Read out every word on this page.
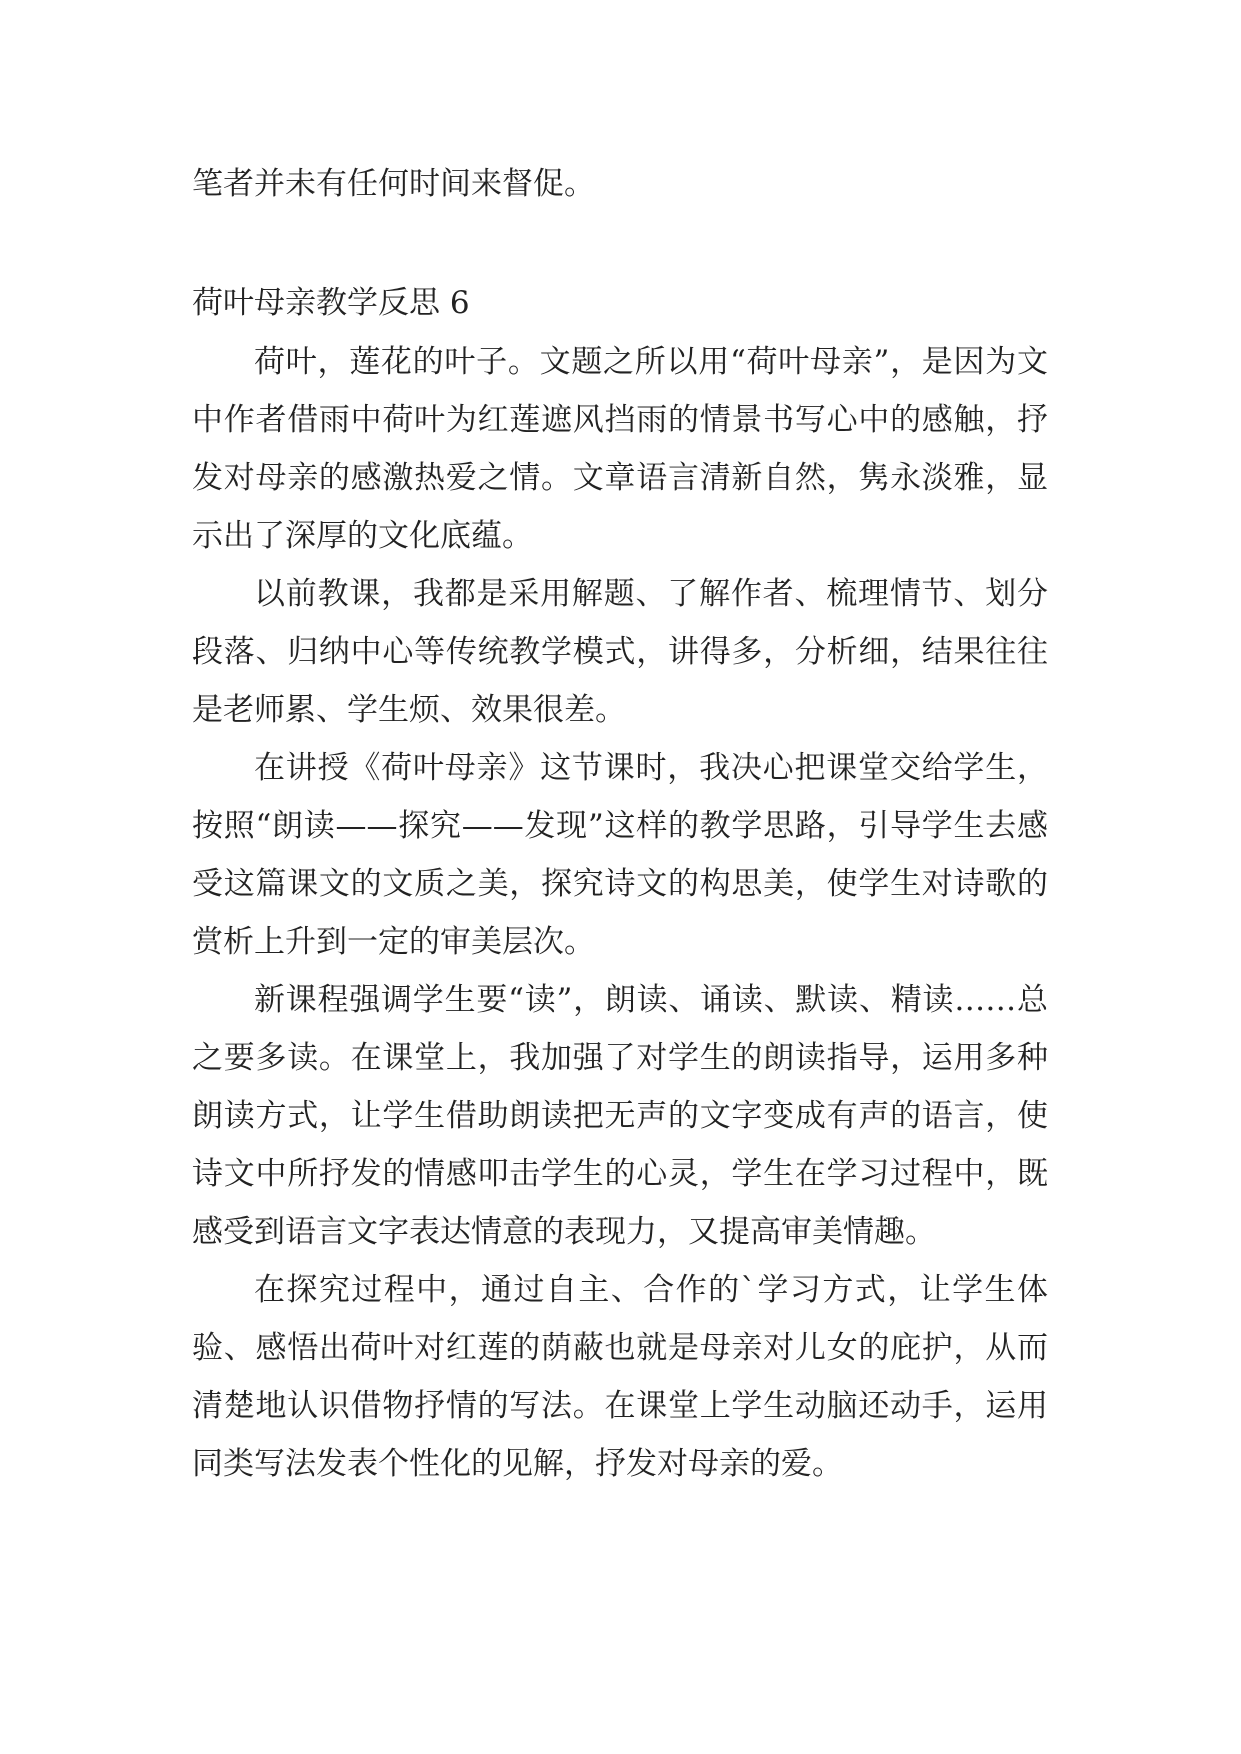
笔者并未有任何时间来督促。
荷叶母亲教学反思 6

荷叶，莲花的叶子。文题之所以用“荷叶母亲”，是因为文中作者借雨中荷叶为红莲遮风挡雨的情景书写心中的感触，抒发对母亲的感激热爱之情。文章语言清新自然，隽永淡雅，显示出了深厚的文化底蕴。

以前教课，我都是采用解题、了解作者、梳理情节、划分段落、归纳中心等传统教学模式，讲得多，分析细，结果往往是老师累、学生烦、效果很差。

在讲授《荷叶母亲》这节课时，我决心把课堂交给学生，按照“朗读——探究——发现”这样的教学思路，引导学生去感受这篇课文的文质之美，探究诗文的构思美，使学生对诗歌的赏析上升到一定的审美层次。

新课程强调学生要“读”，朗读、诵读、默读、精读……总之要多读。在课堂上，我加强了对学生的朗读指导，运用多种朗读方式，让学生借助朗读把无声的文字变成有声的语言，使诗文中所抒发的情感叩击学生的心灵，学生在学习过程中，既感受到语言文字表达情意的表现力，又提高审美情趣。

在探究过程中，通过自主、合作的`学习方式，让学生体验、感悟出荷叶对红莲的荫蔽也就是母亲对儿女的庇护，从而清楚地认识借物抒情的写法。在课堂上学生动脑还动手，运用同类写法发表个性化的见解，抒发对母亲的爱。
